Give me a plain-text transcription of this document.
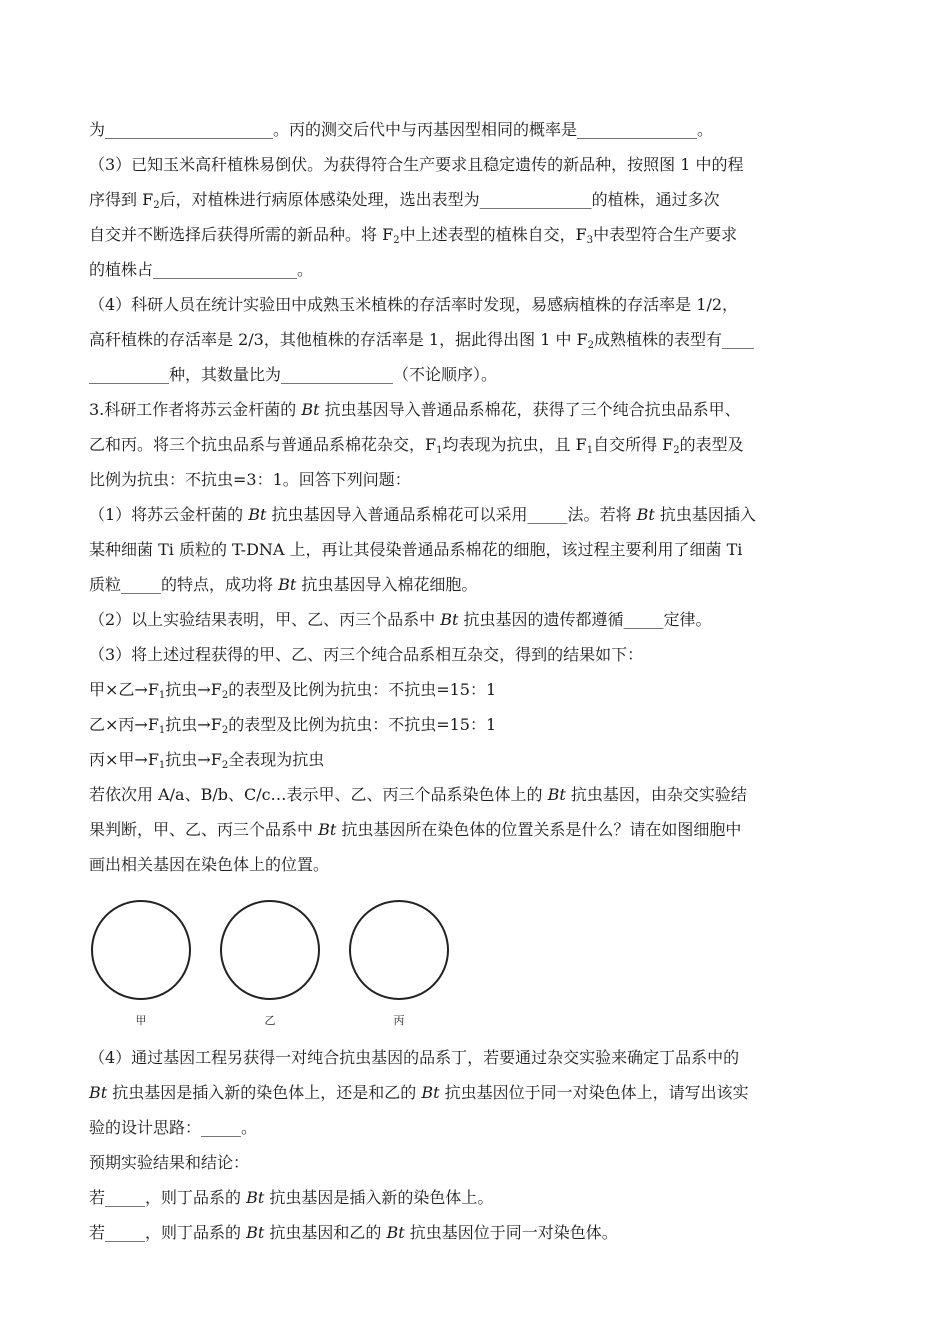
为_____________________。丙的测交后代中与丙基因型相同的概率是_______________。
（3）已知玉米高秆植株易倒伏。为获得符合生产要求且稳定遗传的新品种，按照图 1 中的程
序得到 $F_2$后，对植株进行病原体感染处理，选出表型为______________的植株，通过多次
自交并不断选择后获得所需的新品种。将 $F_2$中上述表型的植株自交，$F_3$中表型符合生产要求
的植株占__________________。
（4）科研人员在统计实验田中成熟玉米植株的存活率时发现，易感病植株的存活率是 1/2，
高秆植株的存活率是 2/3，其他植株的存活率是 1，据此得出图 1 中 $F_2$成熟植株的表型有____
__________种，其数量比为______________（不论顺序）。
3.科研工作者将苏云金杆菌的 Bt 抗虫基因导入普通品系棉花，获得了三个纯合抗虫品系甲、
乙和丙。将三个抗虫品系与普通品系棉花杂交，$F_1$均表现为抗虫，且 $F_1$自交所得 $F_2$的表型及
比例为抗虫：不抗虫=3：1。回答下列问题：
（1）将苏云金杆菌的 Bt 抗虫基因导入普通品系棉花可以采用_____法。若将 Bt 抗虫基因插入
某种细菌 Ti 质粒的 T-DNA 上，再让其侵染普通品系棉花的细胞，该过程主要利用了细菌 Ti
质粒_____的特点，成功将 Bt 抗虫基因导入棉花细胞。
（2）以上实验结果表明，甲、乙、丙三个品系中 Bt 抗虫基因的遗传都遵循_____定律。
（3）将上述过程获得的甲、乙、丙三个纯合品系相互杂交，得到的结果如下：
甲×乙$\to F_1$抗虫$\to F_2$的表型及比例为抗虫：不抗虫=15：1
乙×丙$\to F_1$抗虫$\to F_2$的表型及比例为抗虫：不抗虫=15：1
丙×甲$\to F_1$抗虫$\to F_2$全表现为抗虫
若依次用 A/a、B/b、C/c…表示甲、乙、丙三个品系染色体上的 Bt 抗虫基因，由杂交实验结
果判断，甲、乙、丙三个品系中 Bt 抗虫基因所在染色体的位置关系是什么？请在如图细胞中
画出相关基因在染色体上的位置。
甲	乙	丙
（4）通过基因工程另获得一对纯合抗虫基因的品系丁，若要通过杂交实验来确定丁品系中的
Bt 抗虫基因是插入新的染色体上，还是和乙的 Bt 抗虫基因位于同一对染色体上，请写出该实
验的设计思路：_____。
预期实验结果和结论：
若_____，则丁品系的 Bt 抗虫基因是插入新的染色体上。
若_____，则丁品系的 Bt 抗虫基因和乙的 Bt 抗虫基因位于同一对染色体。
